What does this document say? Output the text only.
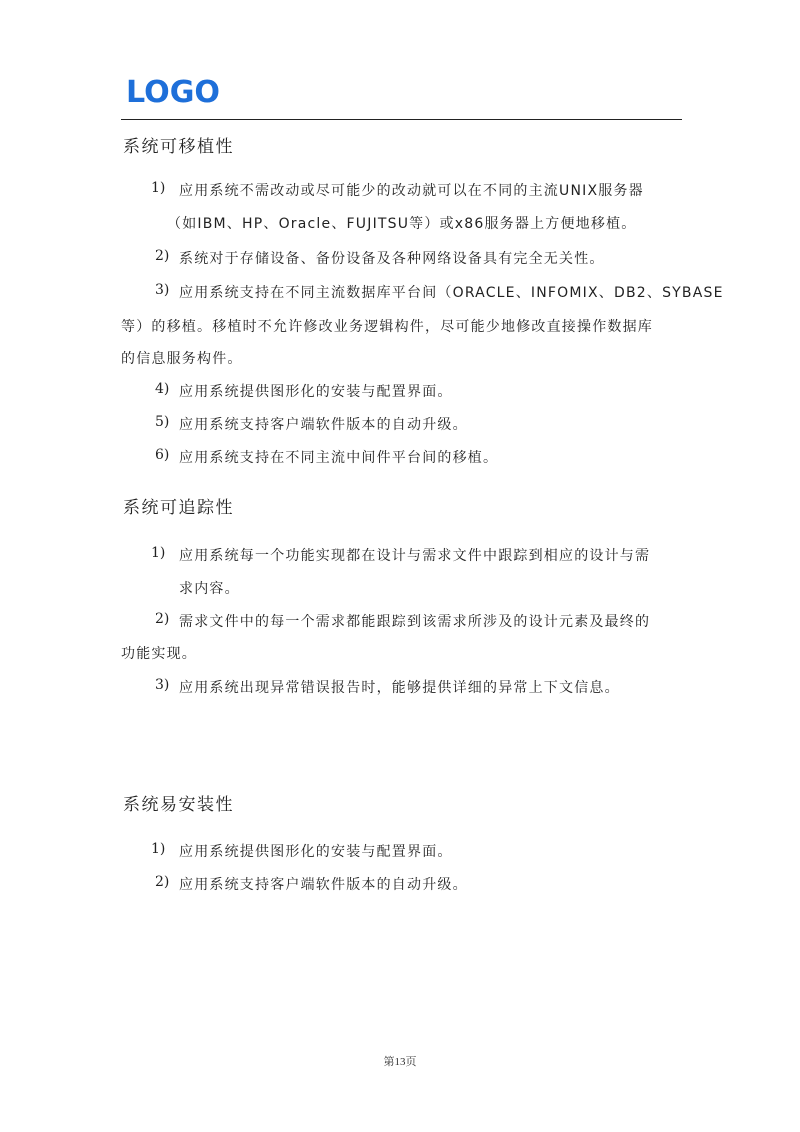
LOGO
系统可移植性
1) 应用系统不需改动或尽可能少的改动就可以在不同的主流UNIX服务器
（如IBM、HP、Oracle、FUJITSU等）或x86服务器上方便地移植。
2) 系统对于存储设备、备份设备及各种网络设备具有完全无关性。
3) 应用系统支持在不同主流数据库平台间（ORACLE、INFOMIX、DB2、SYBASE
等）的移植。移植时不允许修改业务逻辑构件，尽可能少地修改直接操作数据库
的信息服务构件。
4) 应用系统提供图形化的安装与配置界面。
5) 应用系统支持客户端软件版本的自动升级。
6) 应用系统支持在不同主流中间件平台间的移植。
系统可追踪性
1) 应用系统每一个功能实现都在设计与需求文件中跟踪到相应的设计与需
求内容。
2) 需求文件中的每一个需求都能跟踪到该需求所涉及的设计元素及最终的
功能实现。
3) 应用系统出现异常错误报告时，能够提供详细的异常上下文信息。
系统易安装性
1) 应用系统提供图形化的安装与配置界面。
2) 应用系统支持客户端软件版本的自动升级。
第13页
